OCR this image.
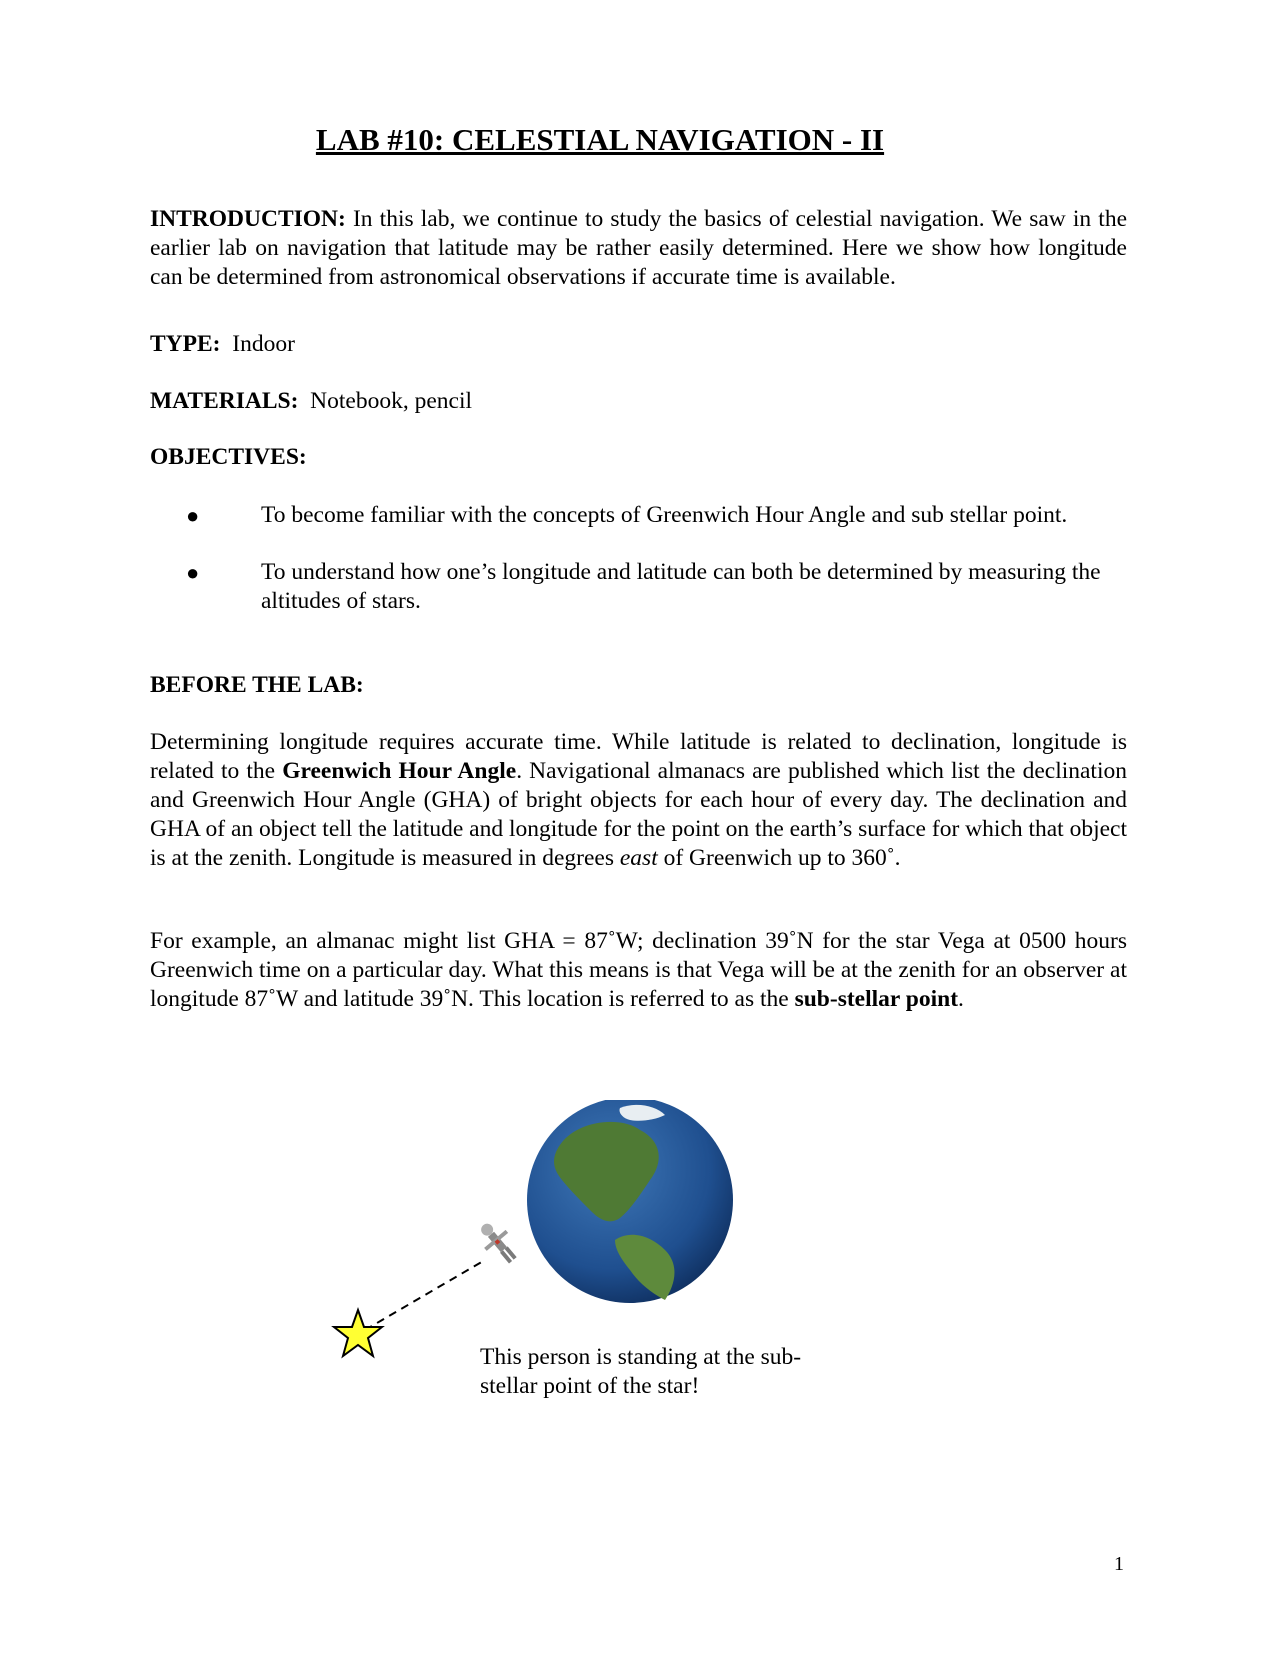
LAB #10: CELESTIAL NAVIGATION - II
INTRODUCTION: In this lab, we continue to study the basics of celestial navigation. We saw in the earlier lab on navigation that latitude may be rather easily determined. Here we show how longitude can be determined from astronomical observations if accurate time is available.
TYPE: Indoor
MATERIALS: Notebook, pencil
OBJECTIVES:
●	To become familiar with the concepts of Greenwich Hour Angle and sub stellar point.
●	To understand how one’s longitude and latitude can both be determined by measuring the altitudes of stars.
BEFORE THE LAB:
Determining longitude requires accurate time. While latitude is related to declination, longitude is related to the Greenwich Hour Angle. Navigational almanacs are published which list the declination and Greenwich Hour Angle (GHA) of bright objects for each hour of every day. The declination and GHA of an object tell the latitude and longitude for the point on the earth’s surface for which that object is at the zenith. Longitude is measured in degrees east of Greenwich up to 360˚.
For example, an almanac might list GHA = 87˚W; declination 39˚N for the star Vega at 0500 hours Greenwich time on a particular day. What this means is that Vega will be at the zenith for an observer at longitude 87˚W and latitude 39˚N. This location is referred to as the sub-stellar point.
This person is standing at the sub-stellar point of the star!
1
